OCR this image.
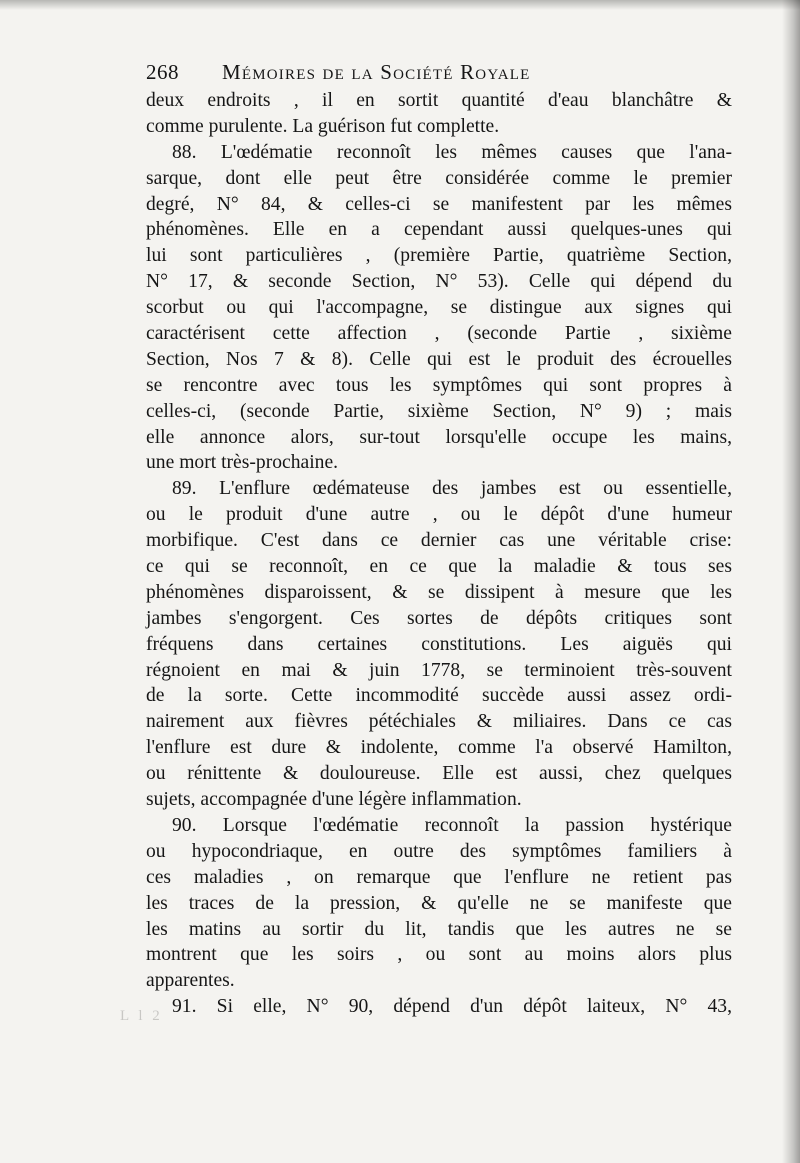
268 Mémoires de la Société Royale
deux endroits , il en sortit quantité d'eau blanchâtre &
comme purulente. La guérison fut complette.
88. L'œdématie reconnoît les mêmes causes que l'ana-
sarque, dont elle peut être considérée comme le premier
degré, N° 84, & celles-ci se manifestent par les mêmes
phénomènes. Elle en a cependant aussi quelques-unes qui
lui sont particulières , (première Partie, quatrième Section,
N° 17, & seconde Section, N° 53). Celle qui dépend du
scorbut ou qui l'accompagne, se distingue aux signes qui
caractérisent cette affection , (seconde Partie , sixième
Section, Nos 7 & 8). Celle qui est le produit des écrouelles
se rencontre avec tous les symptômes qui sont propres à
celles-ci, (seconde Partie, sixième Section, N° 9) ; mais
elle annonce alors, sur-tout lorsqu'elle occupe les mains,
une mort très-prochaine.
89. L'enflure œdémateuse des jambes est ou essentielle,
ou le produit d'une autre , ou le dépôt d'une humeur
morbifique. C'est dans ce dernier cas une véritable crise:
ce qui se reconnoît, en ce que la maladie & tous ses
phénomènes disparoissent, & se dissipent à mesure que les
jambes s'engorgent. Ces sortes de dépôts critiques sont
fréquens dans certaines constitutions. Les aiguës qui
régnoient en mai & juin 1778, se terminoient très-souvent
de la sorte. Cette incommodité succède aussi assez ordi-
nairement aux fièvres pétéchiales & miliaires. Dans ce cas
l'enflure est dure & indolente, comme l'a observé Hamilton,
ou rénittente & douloureuse. Elle est aussi, chez quelques
sujets, accompagnée d'une légère inflammation.
90. Lorsque l'œdématie reconnoît la passion hystérique
ou hypocondriaque, en outre des symptômes familiers à
ces maladies , on remarque que l'enflure ne retient pas
les traces de la pression, & qu'elle ne se manifeste que
les matins au sortir du lit, tandis que les autres ne se
montrent que les soirs , ou sont au moins alors plus
apparentes.
91. Si elle, N° 90, dépend d'un dépôt laiteux, N° 43,
L l 2
